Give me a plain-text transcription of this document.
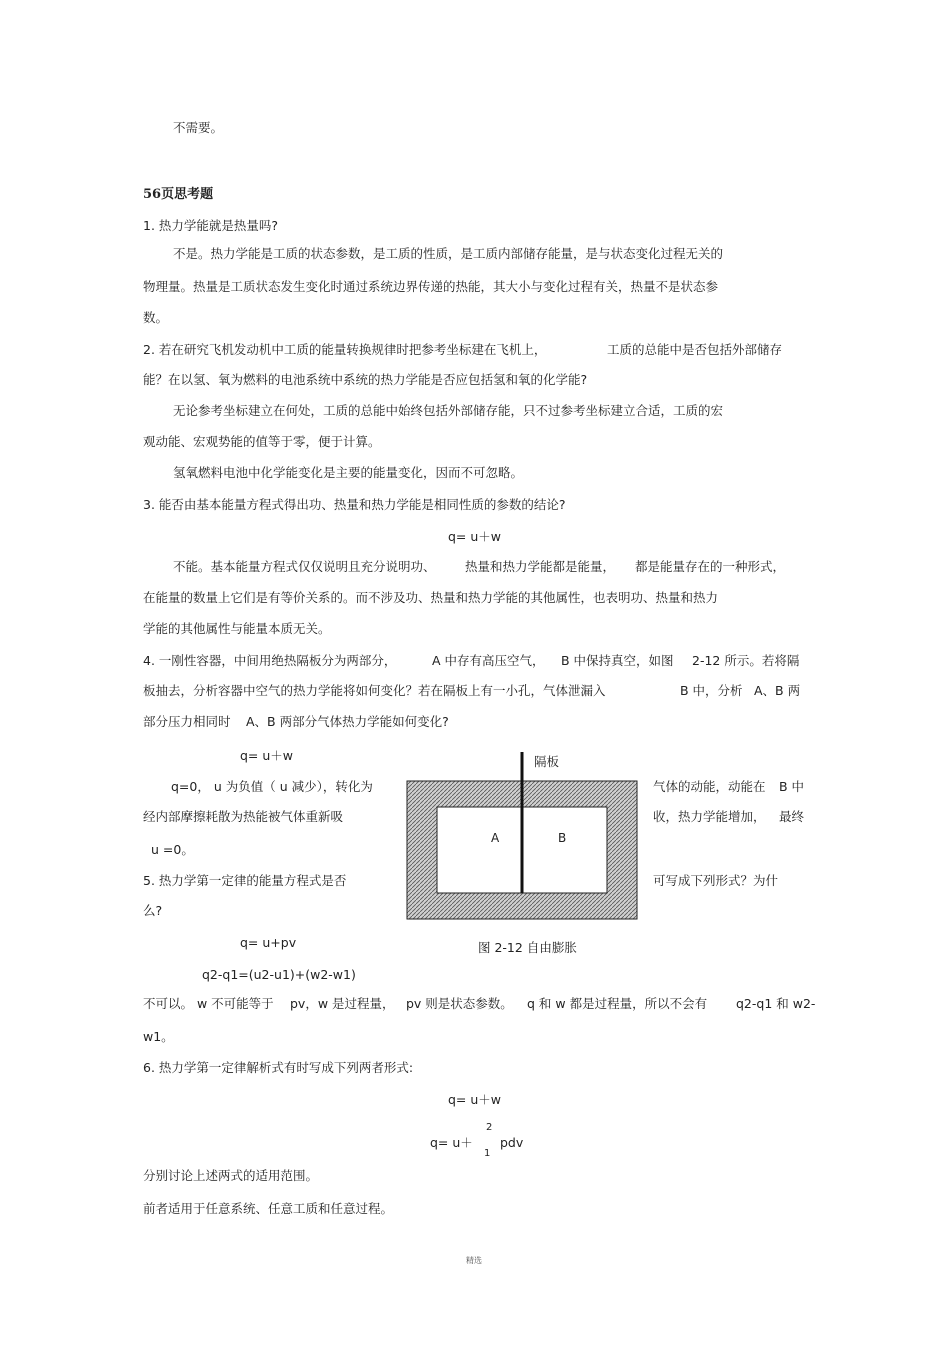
不需要。
56页思考题
1. 热力学能就是热量吗?
不是。热力学能是工质的状态参数，是工质的性质，是工质内部储存能量，是与状态变化过程无关的
物理量。热量是工质状态发生变化时通过系统边界传递的热能，其大小与变化过程有关，热量不是状态参
数。
2. 若在研究飞机发动机中工质的能量转换规律时把参考坐标建在飞机上，	工质的总能中是否包括外部储存
能？在以氢、氧为燃料的电池系统中系统的热力学能是否应包括氢和氧的化学能?
无论参考坐标建立在何处，工质的总能中始终包括外部储存能，只不过参考坐标建立合适，工质的宏
观动能、宏观势能的值等于零，便于计算。
氢氧燃料电池中化学能变化是主要的能量变化，因而不可忽略。
3. 能否由基本能量方程式得出功、热量和热力学能是相同性质的参数的结论?
q= u＋w
不能。基本能量方程式仅仅说明且充分说明功、 热量和热力学能都是能量， 都是能量存在的一种形式，
在能量的数量上它们是有等价关系的。而不涉及功、热量和热力学能的其他属性，也表明功、热量和热力
学能的其他属性与能量本质无关。
4. 一刚性容器，中间用绝热隔板分为两部分，	A 中存有高压空气， B 中保持真空，如图 2-12 所示。若将隔
板抽去，分析容器中空气的热力学能将如何变化？若在隔板上有一小孔，气体泄漏入	B 中，分析 A、B 两
部分压力相同时 A、B 两部分气体热力学能如何变化?
q= u＋w
q=0， u 为负值（ u 减少），转化为	气体的动能，动能在 B 中
经内部摩擦耗散为热能被气体重新吸	收，热力学能增加， 最终
u =0。
5. 热力学第一定律的能量方程式是否	可写成下列形式？为什
么?
q= u+pv
q2-q1=(u2-u1)+(w2-w1)
不可以。 w 不可能等于 pv，w 是过程量， pv 则是状态参数。 q 和 w 都是过程量，所以不会有 q2-q1 和 w2-
w1。
6. 热力学第一定律解析式有时写成下列两者形式:
q= u＋w
2
q= u＋ pdv
1
分别讨论上述两式的适用范围。
前者适用于任意系统、任意工质和任意过程。
精选
隔板
A	B
图 2-12 自由膨胀
